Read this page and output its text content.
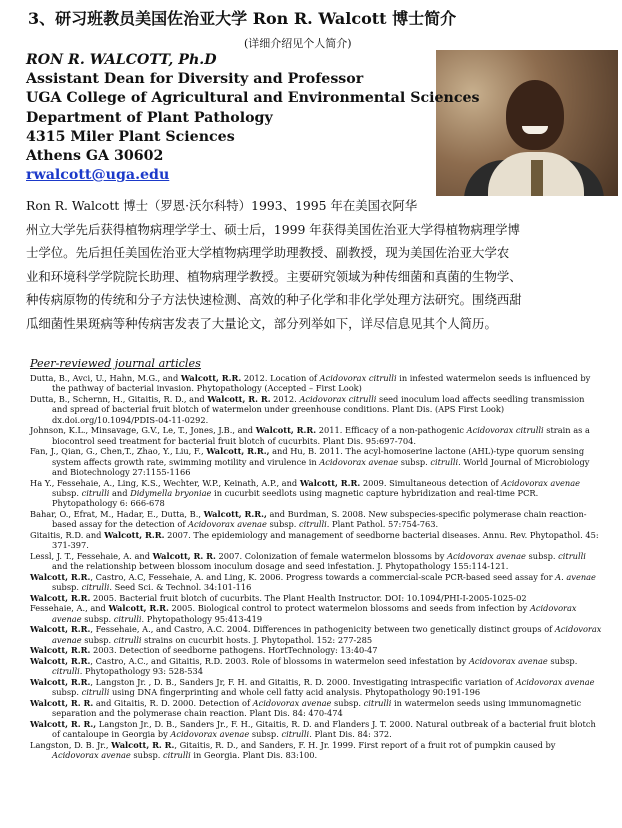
3、研习班教员美国佐治亚大学 Ron R. Walcott 博士简介
(详细介绍见个人简介)
RON R. WALCOTT, Ph.D
Assistant Dean for Diversity and Professor
UGA College of Agricultural and Environmental Sciences
Department of Plant Pathology
4315 Miler Plant Sciences
Athens GA 30602
rwalcott@uga.edu
Ron R. Walcott 博士（罗恩·沃尔科特）1993、1995 年在美国衣阿华
州立大学先后获得植物病理学学士、硕士后，1999 年获得美国佐治亚大学得植物病理学博
士学位。先后担任美国佐治亚大学植物病理学助理教授、副教授，现为美国佐治亚大学农
业和环境科学学院院长助理、植物病理学教授。主要研究领域为种传细菌和真菌的生物学、
种传病原物的传统和分子方法快速检测、高效的种子化学和非化学处理方法研究。围绕西甜
瓜细菌性果斑病等种传病害发表了大量论文，部分列举如下，详尽信息见其个人简历。
Peer-reviewed journal articles
Dutta, B., Avci, U., Hahn, M.G., and Walcott, R.R. 2012. Location of Acidovorax citrulli in infested watermelon seeds is influenced by the pathway of bacterial invasion. Phytopathology (Accepted – First Look)
Dutta, B., Schernn, H., Gitaitis, R. D., and Walcott, R. R. 2012. Acidovorax citrulli seed inoculum load affects seedling transmission and spread of bacterial fruit blotch of watermelon under greenhouse conditions. Plant Dis. (APS First Look) dx.doi.org/10.1094/PDIS-04-11-0292.
Johnson, K.L., Minsavage, G.V., Le, T., Jones, J.B., and Walcott, R.R. 2011. Efficacy of a non-pathogenic Acidovorax citrulli strain as a biocontrol seed treatment for bacterial fruit blotch of cucurbits. Plant Dis. 95:697-704.
Fan, J., Qian, G., Chen,T., Zhao, Y., Liu, F., Walcott, R.R., and Hu, B. 2011. The acyl-homoserine lactone (AHL)-type quorum sensing system affects growth rate, swimming motility and virulence in Acidovorax avenae subsp. citrulli. World Journal of Microbiology and Biotechnology 27:1155-1166
Ha Y., Fessehaie, A., Ling, K.S., Wechter, W.P., Keinath, A.P., and Walcott, R.R. 2009. Simultaneous detection of Acidovorax avenae subsp. citrulli and Didymella bryoniae in cucurbit seedlots using magnetic capture hybridization and real-time PCR. Phytopathology 6: 666-678
Bahar, O., Efrat, M., Hadar, E., Dutta, B., Walcott, R.R., and Burdman, S. 2008. New subspecies-specific polymerase chain reaction-based assay for the detection of Acidovorax avenae subsp. citrulli. Plant Pathol. 57:754-763.
Gitaitis, R.D. and Walcott, R.R. 2007. The epidemiology and management of seedborne bacterial diseases. Annu. Rev. Phytopathol. 45: 371-397.
Lessl, J. T., Fessehaie, A. and Walcott, R. R. 2007. Colonization of female watermelon blossoms by Acidovorax avenae subsp. citrulli and the relationship between blossom inoculum dosage and seed infestation. J. Phytopathology 155:114-121.
Walcott, R.R., Castro, A.C, Fessehaie, A. and Ling, K. 2006. Progress towards a commercial-scale PCR-based seed assay for A. avenae subsp. citrulli. Seed Sci. & Technol. 34:101-116
Walcott, R.R. 2005. Bacterial fruit blotch of cucurbits. The Plant Health Instructor. DOI: 10.1094/PHI-I-2005-1025-02
Fessehaie, A., and Walcott, R.R. 2005. Biological control to protect watermelon blossoms and seeds from infection by Acidovorax avenae subsp. citrulli. Phytopathology 95:413-419
Walcott, R.R., Fessehaie, A., and Castro, A.C. 2004. Differences in pathogenicity between two genetically distinct groups of Acidovorax avenae subsp. citrulli strains on cucurbit hosts. J. Phytopathol. 152: 277-285
Walcott, R.R. 2003. Detection of seedborne pathogens. HortTechnology: 13:40-47
Walcott, R.R., Castro, A.C., and Gitaitis, R.D. 2003. Role of blossoms in watermelon seed infestation by Acidovorax avenae subsp. citrulli. Phytopathology 93: 528-534
Walcott, R.R., Langston Jr. , D. B., Sanders Jr, F. H. and Gitaitis, R. D. 2000. Investigating intraspecific variation of Acidovorax avenae subsp. citrulli using DNA fingerprinting and whole cell fatty acid analysis. Phytopathology 90:191-196
Walcott, R. R. and Gitaitis, R. D. 2000. Detection of Acidovorax avenae subsp. citrulli in watermelon seeds using immunomagnetic separation and the polymerase chain reaction. Plant Dis. 84: 470-474
Walcott, R. R., Langston Jr., D. B., Sanders Jr., F. H., Gitaitis, R. D. and Flanders J. T. 2000. Natural outbreak of a bacterial fruit blotch of cantaloupe in Georgia by Acidovorax avenae subsp. citrulli. Plant Dis. 84: 372.
Langston, D. B. Jr., Walcott, R. R., Gitaitis, R. D., and Sanders, F. H. Jr. 1999. First report of a fruit rot of pumpkin caused by Acidovorax avenae subsp. citrulli in Georgia. Plant Dis. 83:100.
